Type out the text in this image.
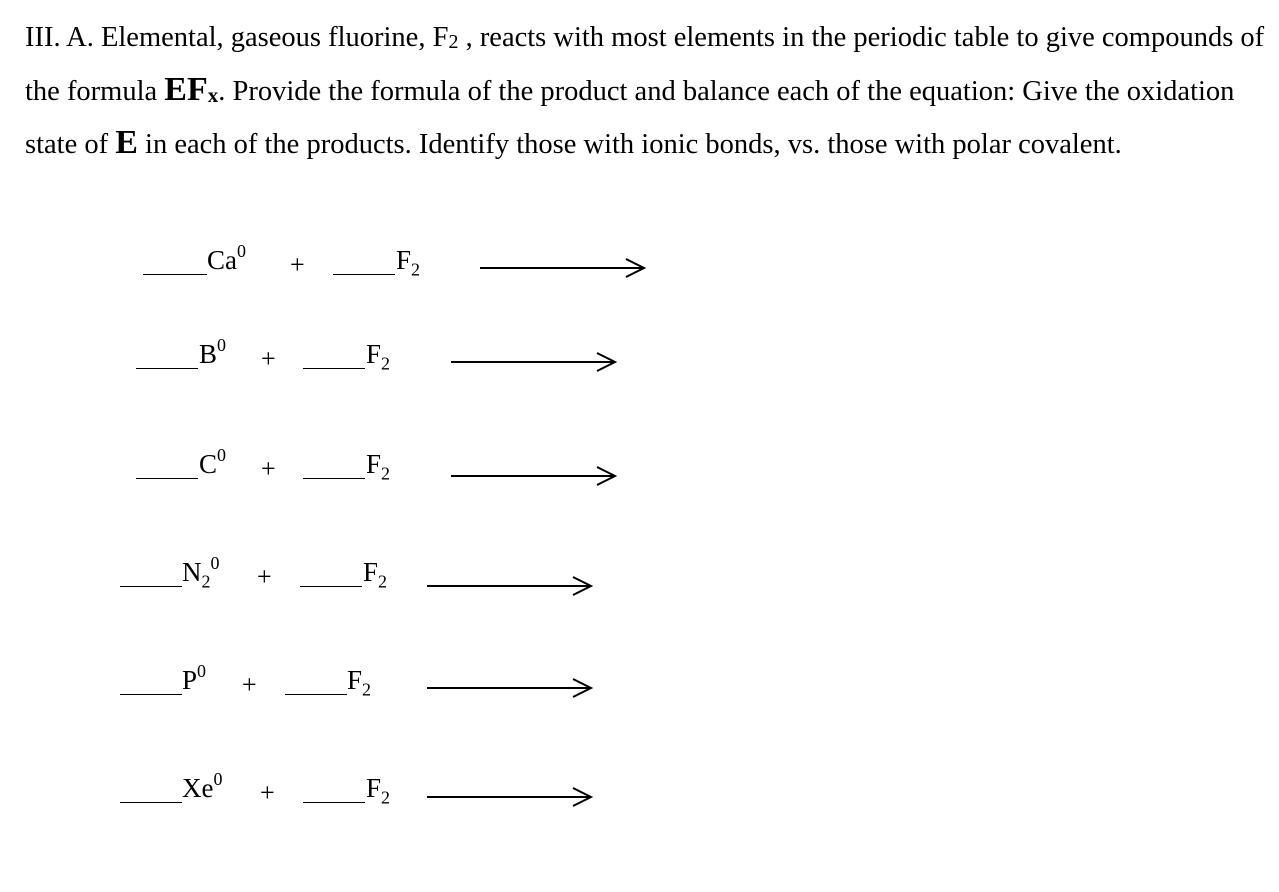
III. A. Elemental, gaseous fluorine, F2 , reacts with most elements in the periodic table to give compounds of the formula EFx. Provide the formula of the product and balance each of the equation: Give the oxidation state of E in each of the products. Identify those with ionic bonds, vs. those with polar covalent.

$Ca^0$ +	$F_2$
$B^0$ +	$F_2$
$C^0$ +	$F_2$
$N_2^0$ +	$F_2$
$P^0$ +	$F_2$
$Xe^0$ +	$F_2$
